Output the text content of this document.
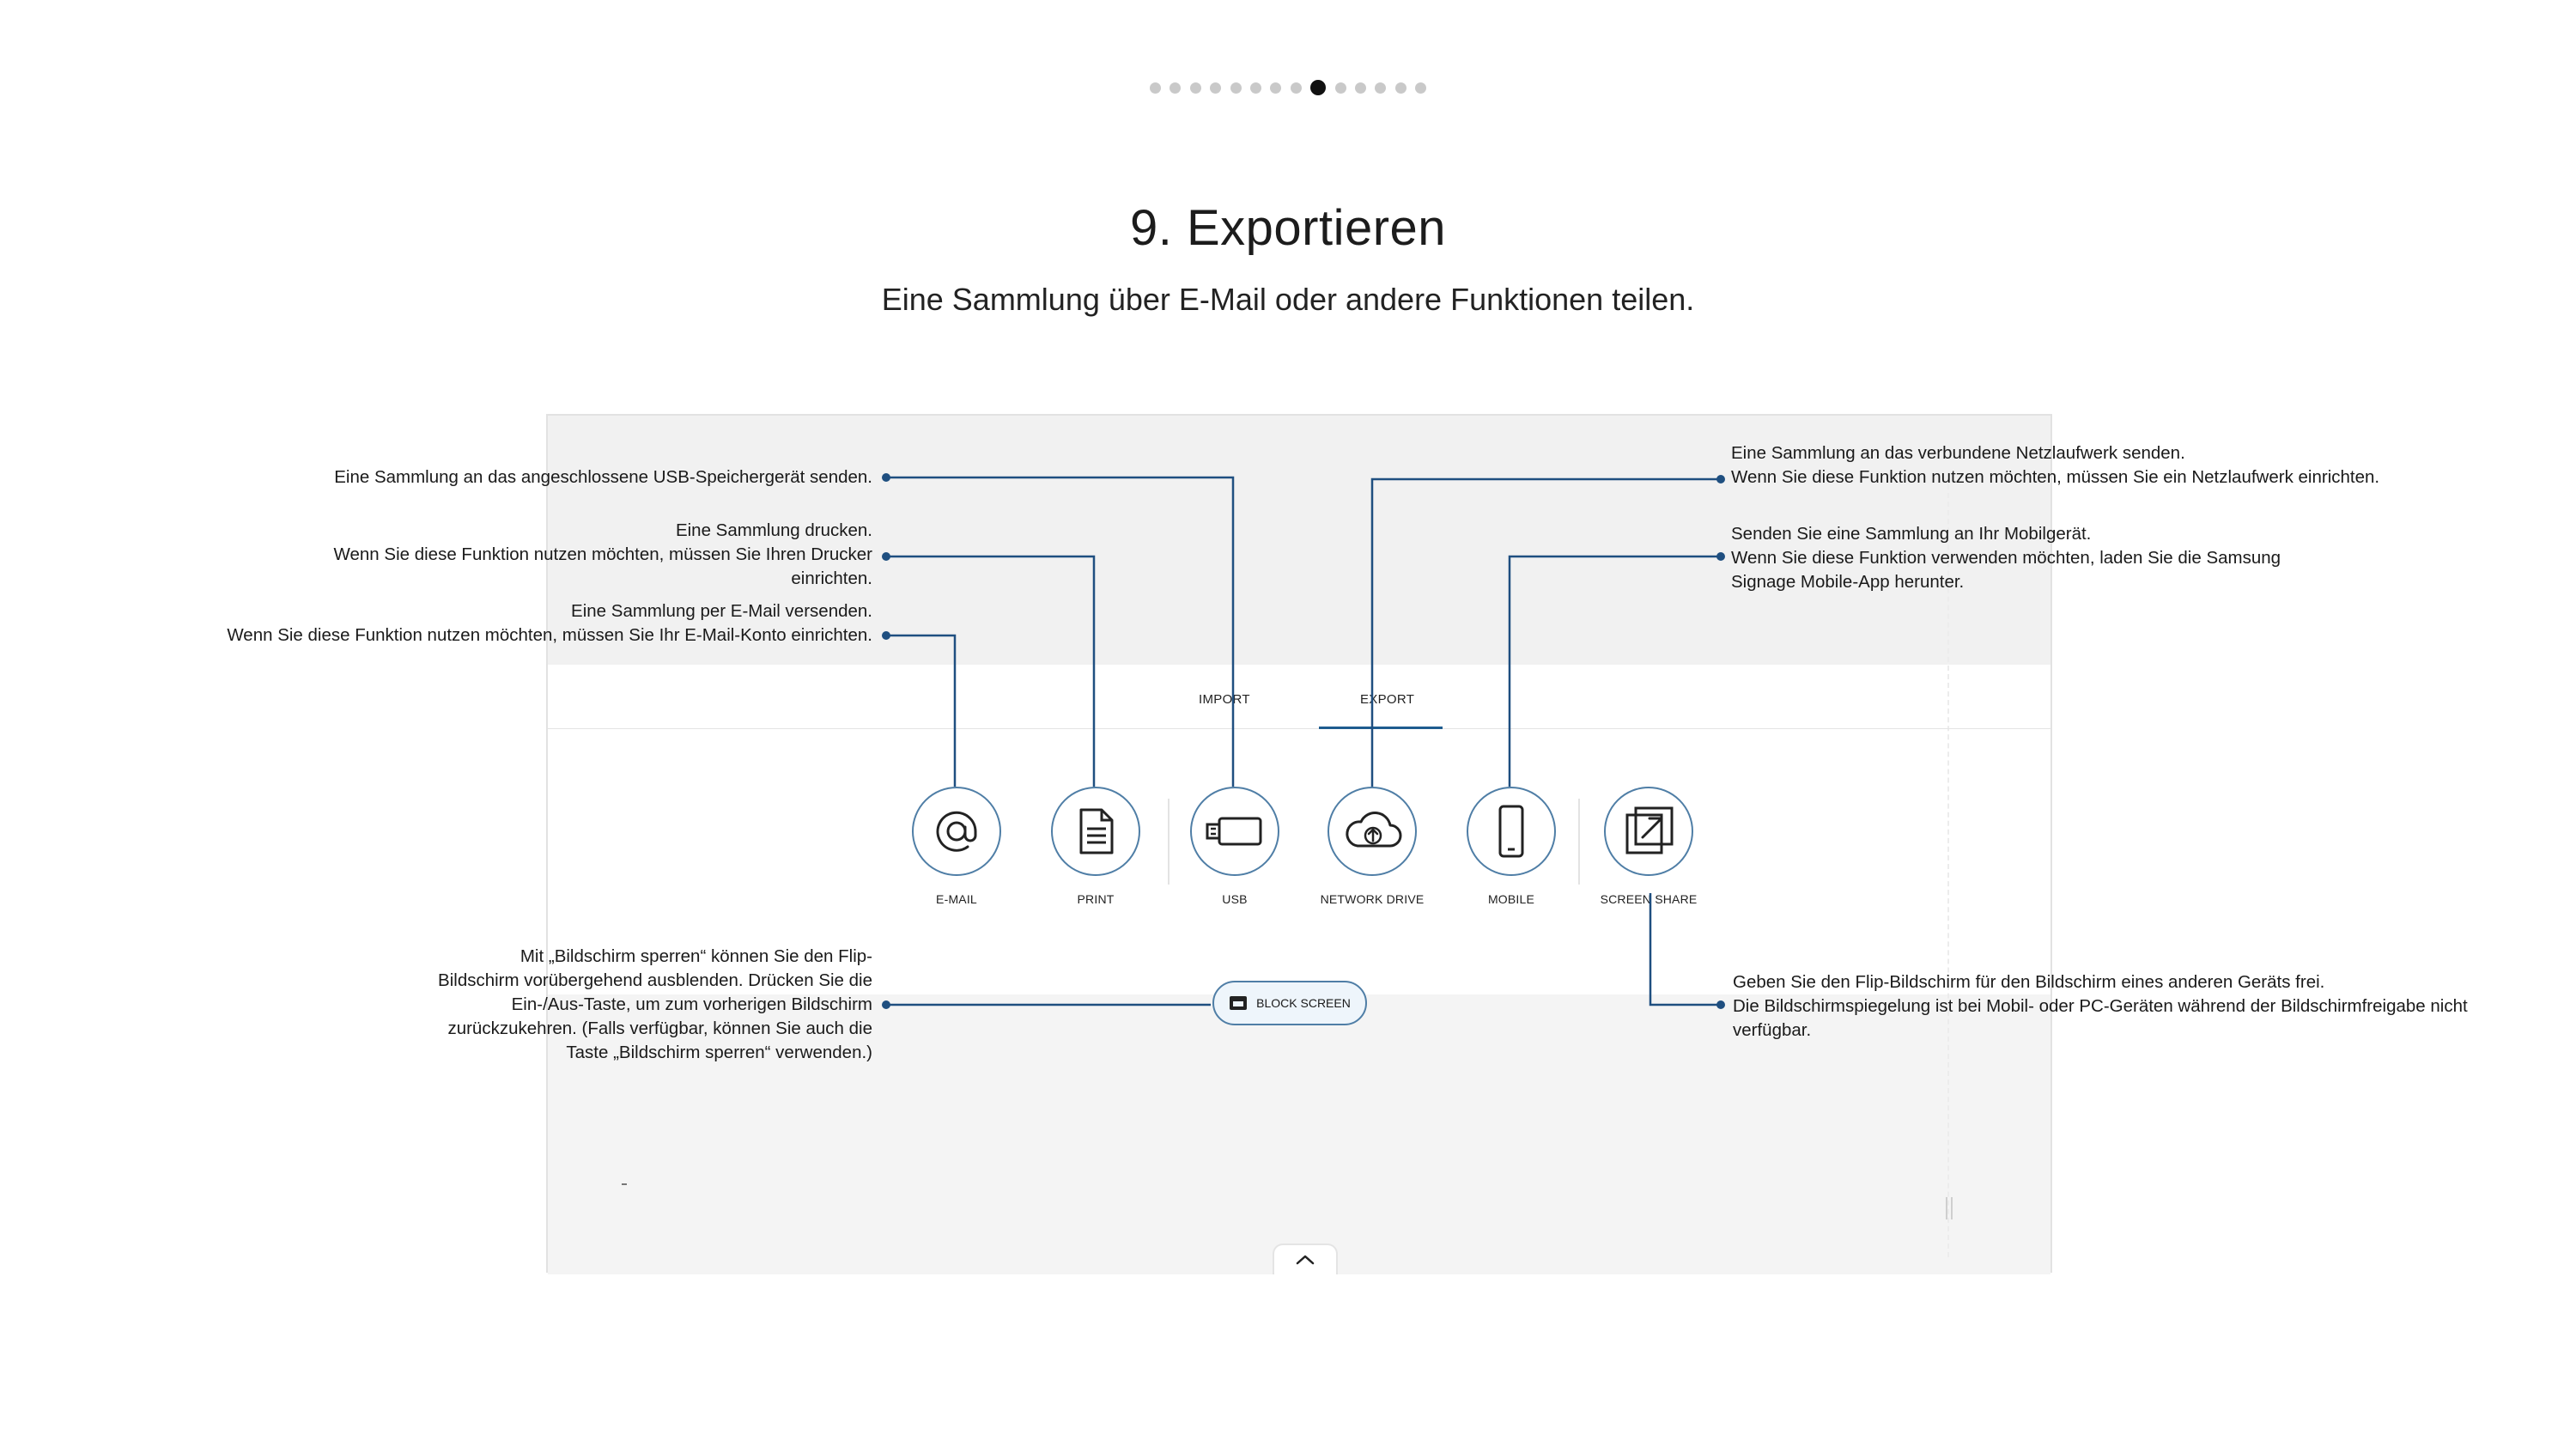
9. Exportieren
Eine Sammlung über E-Mail oder andere Funktionen teilen.
IMPORT	EXPORT
E-MAIL	PRINT	USB	NETWORK DRIVE	MOBILE	SCREEN SHARE
BLOCK SCREEN
Eine Sammlung an das angeschlossene USB-Speichergerät senden.
Eine Sammlung drucken.
Wenn Sie diese Funktion nutzen möchten, müssen Sie Ihren Drucker
einrichten.
Eine Sammlung per E-Mail versenden.
Wenn Sie diese Funktion nutzen möchten, müssen Sie Ihr E-Mail-Konto einrichten.
Mit „Bildschirm sperren“ können Sie den Flip-
Bildschirm vorübergehend ausblenden. Drücken Sie die
Ein-/Aus-Taste, um zum vorherigen Bildschirm
zurückzukehren. (Falls verfügbar, können Sie auch die
Taste „Bildschirm sperren“ verwenden.)
Eine Sammlung an das verbundene Netzlaufwerk senden.
Wenn Sie diese Funktion nutzen möchten, müssen Sie ein Netzlaufwerk einrichten.
Senden Sie eine Sammlung an Ihr Mobilgerät.
Wenn Sie diese Funktion verwenden möchten, laden Sie die Samsung
Signage Mobile-App herunter.
Geben Sie den Flip-Bildschirm für den Bildschirm eines anderen Geräts frei.
Die Bildschirmspiegelung ist bei Mobil- oder PC-Geräten während der Bildschirmfreigabe nicht
verfügbar.
